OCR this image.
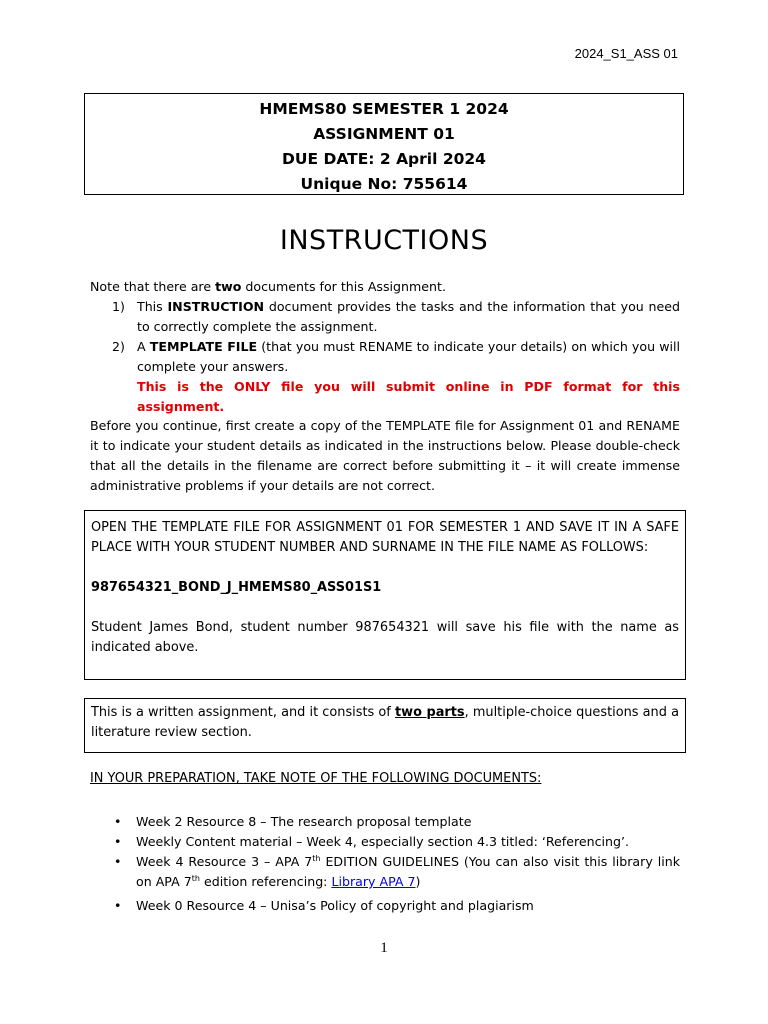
2024_S1_ASS 01
HMEMS80 SEMESTER 1 2024
ASSIGNMENT 01
DUE DATE: 2 April 2024
Unique No: 755614
INSTRUCTIONS
Note that there are two documents for this Assignment.
1) This INSTRUCTION document provides the tasks and the information that you need to correctly complete the assignment.
2) A TEMPLATE FILE (that you must RENAME to indicate your details) on which you will complete your answers.
This is the ONLY file you will submit online in PDF format for this assignment.
Before you continue, first create a copy of the TEMPLATE file for Assignment 01 and RENAME it to indicate your student details as indicated in the instructions below. Please double-check that all the details in the filename are correct before submitting it – it will create immense administrative problems if your details are not correct.

OPEN THE TEMPLATE FILE FOR ASSIGNMENT 01 FOR SEMESTER 1 AND SAVE IT IN A SAFE PLACE WITH YOUR STUDENT NUMBER AND SURNAME IN THE FILE NAME AS FOLLOWS:

987654321_BOND_J_HMEMS80_ASS01S1

Student James Bond, student number 987654321 will save his file with the name as indicated above.

This is a written assignment, and it consists of two parts, multiple-choice questions and a literature review section.
IN YOUR PREPARATION, TAKE NOTE OF THE FOLLOWING DOCUMENTS:
• Week 2 Resource 8 – The research proposal template
• Weekly Content material – Week 4, especially section 4.3 titled: ‘Referencing’.
• Week 4 Resource 3 – APA 7th EDITION GUIDELINES (You can also visit this library link on APA 7th edition referencing: Library APA 7)
• Week 0 Resource 4 – Unisa’s Policy of copyright and plagiarism
1
